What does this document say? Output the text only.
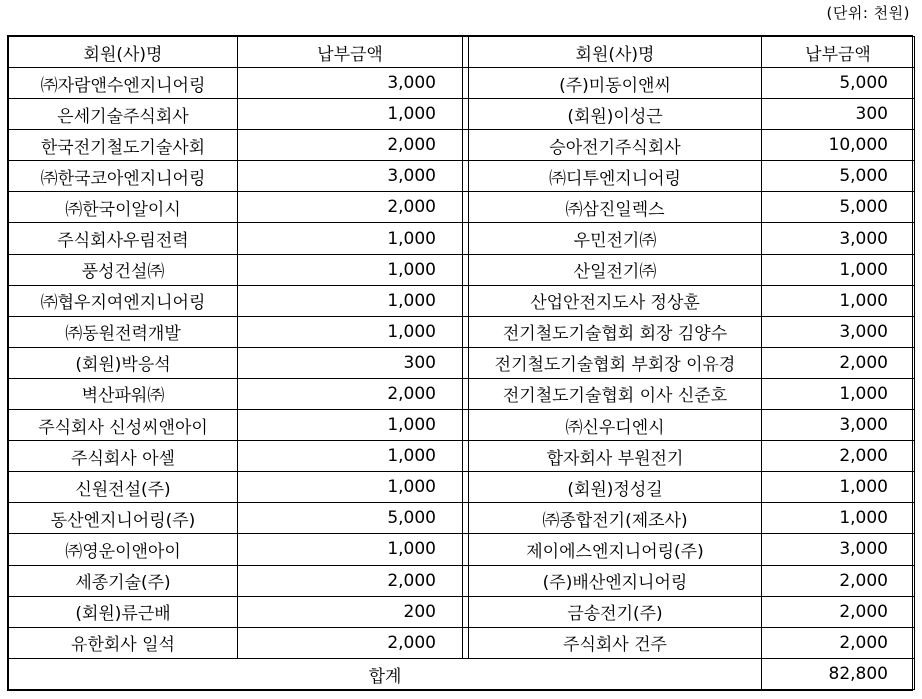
(단위: 천원)
회원(사)명	납부금액		회원(사)명	납부금액
㈜자람앤수엔지니어링	3,000		(주)미동이앤씨	5,000
은세기술주식회사	1,000		(회원)이성근	300
한국전기철도기술사회	2,000		승아전기주식회사	10,000
㈜한국코아엔지니어링	3,000		㈜디투엔지니어링	5,000
㈜한국이알이시	2,000		㈜삼진일렉스	5,000
주식회사우림전력	1,000		우민전기㈜	3,000
풍성건설㈜	1,000		산일전기㈜	1,000
㈜협우지여엔지니어링	1,000		산업안전지도사 정상훈	1,000
㈜동원전력개발	1,000		전기철도기술협회 회장 김양수	3,000
(회원)박응석	300		전기철도기술협회 부회장 이유경	2,000
벽산파워㈜	2,000		전기철도기술협회 이사 신준호	1,000
주식회사 신성씨앤아이	1,000		㈜신우디엔시	3,000
주식회사 아셀	1,000		합자회사 부원전기	2,000
신원전설(주)	1,000		(회원)정성길	1,000
동산엔지니어링(주)	5,000		㈜종합전기(제조사)	1,000
㈜영운이앤아이	1,000		제이에스엔지니어링(주)	3,000
세종기술(주)	2,000		(주)배산엔지니어링	2,000
(회원)류근배	200		금송전기(주)	2,000
유한회사 일석	2,000		주식회사 건주	2,000
합계				82,800
